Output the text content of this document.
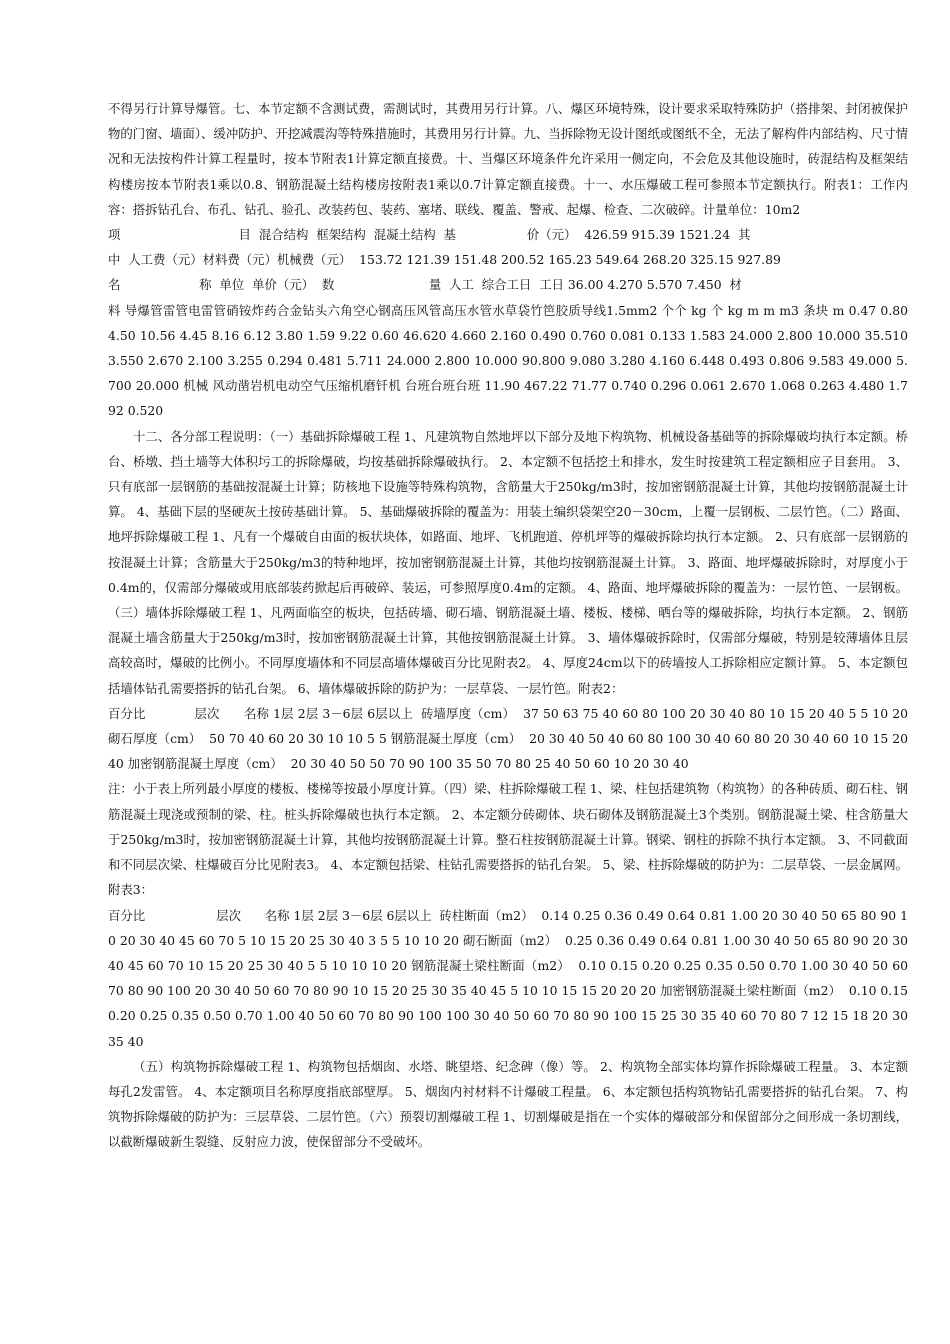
不得另行计算导爆管。七、本节定额不含测试费，需测试时，其费用另行计算。八、爆区环境特殊，设计要求采取特殊防护（搭排架、封闭被保护物的门窗、墙面）、缓冲防护、开挖减震沟等特殊措施时，其费用另行计算。九、当拆除物无设计图纸或图纸不全，无法了解构件内部结构、尺寸情况和无法按构件计算工程量时，按本节附表1计算定额直接费。十、当爆区环境条件允许采用一侧定向，不会危及其他设施时，砖混结构及框架结构楼房按本节附表1乘以0.8、钢筋混凝土结构楼房按附表1乘以0.7计算定额直接费。十一、水压爆破工程可参照本节定额执行。附表1：工作内容：搭拆钻孔台、布孔、钻孔、验孔、改装药包、装药、塞堵、联线、覆盖、警戒、起爆、检查、二次破碎。计量单位：10m2

项                              目  混合结构  框架结构  混凝土结构  基                  价（元）  426.59 915.39 1521.24  其

中  人工费（元）材料费（元）机械费（元）  153.72 121.39 151.48 200.52 165.23 549.64 268.20 325.15 927.89

名                    称  单位  单价（元）  数                        量  人工  综合工日  工日 36.00 4.270 5.570 7.450  材

料 导爆管雷管电雷管硝铵炸药合金钻头六角空心钢高压风管高压水管水草袋竹笆胶质导线1.5mm2 个个 kg 个 kg m m m3 条块 m 0.47 0.80 4.50 10.56 4.45 8.16 6.12 3.80 1.59 9.22 0.60 46.620 4.660 2.160 0.490 0.760 0.081 0.133 1.583 24.000 2.800 10.000 35.510 3.550 2.670 2.100 3.255 0.294 0.481 5.711 24.000 2.800 10.000 90.800 9.080 3.280 4.160 6.448 0.493 0.806 9.583 49.000 5.700 20.000 机械 风动凿岩机电动空气压缩机磨钎机 台班台班台班 11.90 467.22 71.77 0.740 0.296 0.061 2.670 1.068 0.263 4.480 1.792 0.520

十二、各分部工程说明：（一）基础拆除爆破工程 1、凡建筑物自然地坪以下部分及地下构筑物、机械设备基础等的拆除爆破均执行本定额。桥台、桥墩、挡土墙等大体积圬工的拆除爆破，均按基础拆除爆破执行。 2、本定额不包括挖土和排水，发生时按建筑工程定额相应子目套用。 3、只有底部一层钢筋的基础按混凝土计算；防核地下设施等特殊构筑物，含筋量大于250kg/m3时，按加密钢筋混凝土计算，其他均按钢筋混凝土计算。 4、基础下层的坚硬灰土按砖基础计算。 5、基础爆破拆除的覆盖为：用装土编织袋架空20－30cm，上覆一层钢板、二层竹笆。（二）路面、地坪拆除爆破工程 1、凡有一个爆破自由面的板状块体，如路面、地坪、飞机跑道、停机坪等的爆破拆除均执行本定额。 2、只有底部一层钢筋的按混凝土计算；含筋量大于250kg/m3的特种地坪，按加密钢筋混凝土计算，其他均按钢筋混凝土计算。 3、路面、地坪爆破拆除时，对厚度小于0.4m的，仅需部分爆破或用底部装药掀起后再破碎、装运，可参照厚度0.4m的定额。 4、路面、地坪爆破拆除的覆盖为：一层竹笆、一层钢板。（三）墙体拆除爆破工程 1、凡两面临空的板块，包括砖墙、砌石墙、钢筋混凝土墙、楼板、楼梯、晒台等的爆破拆除，均执行本定额。 2、钢筋混凝土墙含筋量大于250kg/m3时，按加密钢筋混凝土计算，其他按钢筋混凝土计算。 3、墙体爆破拆除时，仅需部分爆破，特别是较薄墙体且层高较高时，爆破的比例小。不同厚度墙体和不同层高墙体爆破百分比见附表2。 4、厚度24cm以下的砖墙按人工拆除相应定额计算。 5、本定额包括墙体钻孔需要搭拆的钻孔台架。 6、墙体爆破拆除的防护为：一层草袋、一层竹笆。附表2：

百分比            层次      名称 1层 2层 3－6层 6层以上  砖墙厚度（cm）  37 50 63 75 40 60 80 100 20 30 40 80 10 15 20 40 5 5 10 20 砌石厚度（cm）  50 70 40 60 20 30 10 10 5 5 钢筋混凝土厚度（cm）  20 30 40 50 40 60 80 100 30 40 60 80 20 30 40 60 10 15 20 40 加密钢筋混凝土厚度（cm）  20 30 40 50 50 70 90 100 35 50 70 80 25 40 50 60 10 20 30 40

注：小于表上所列最小厚度的楼板、楼梯等按最小厚度计算。（四）梁、柱拆除爆破工程 1、梁、柱包括建筑物（构筑物）的各种砖质、砌石柱、钢筋混凝土现浇或预制的梁、柱。桩头拆除爆破也执行本定额。 2、本定额分砖砌体、块石砌体及钢筋混凝土3个类别。钢筋混凝土梁、柱含筋量大于250kg/m3时，按加密钢筋混凝土计算，其他均按钢筋混凝土计算。整石柱按钢筋混凝土计算。钢梁、钢柱的拆除不执行本定额。 3、不同截面和不同层次梁、柱爆破百分比见附表3。 4、本定额包括梁、柱钻孔需要搭拆的钻孔台架。 5、梁、柱拆除爆破的防护为：二层草袋、一层金属网。附表3：

百分比                  层次      名称 1层 2层 3－6层 6层以上  砖柱断面（m2）  0.14 0.25 0.36 0.49 0.64 0.81 1.00 20 30 40 50 65 80 90 10 20 30 40 45 60 70 5 10 15 20 25 30 40 3 5 5 10 10 20 砌石断面（m2）  0.25 0.36 0.49 0.64 0.81 1.00 30 40 50 65 80 90 20 30 40 45 60 70 10 15 20 25 30 40 5 5 10 10 10 20 钢筋混凝土梁柱断面（m2）  0.10 0.15 0.20 0.25 0.35 0.50 0.70 1.00 30 40 50 60 70 80 90 100 20 30 40 50 60 70 80 90 10 15 20 25 30 35 40 45 5 10 10 15 15 20 20 20 加密钢筋混凝土梁柱断面（m2）  0.10 0.15 0.20 0.25 0.35 0.50 0.70 1.00 40 50 60 70 80 90 100 100 30 40 50 60 70 80 90 100 15 25 30 35 40 60 70 80 7 12 15 18 20 30 35 40

（五）构筑物拆除爆破工程 1、构筑物包括烟囱、水塔、眺望塔、纪念碑（像）等。 2、构筑物全部实体均算作拆除爆破工程量。 3、本定额每孔2发雷管。 4、本定额项目名称厚度指底部壁厚。 5、烟囱内衬材料不计爆破工程量。 6、本定额包括构筑物钻孔需要搭拆的钻孔台架。 7、构筑物拆除爆破的防护为：三层草袋、二层竹笆。（六）预裂切割爆破工程 1、切割爆破是指在一个实体的爆破部分和保留部分之间形成一条切割线，以截断爆破新生裂缝、反射应力波，使保留部分不受破坏。
